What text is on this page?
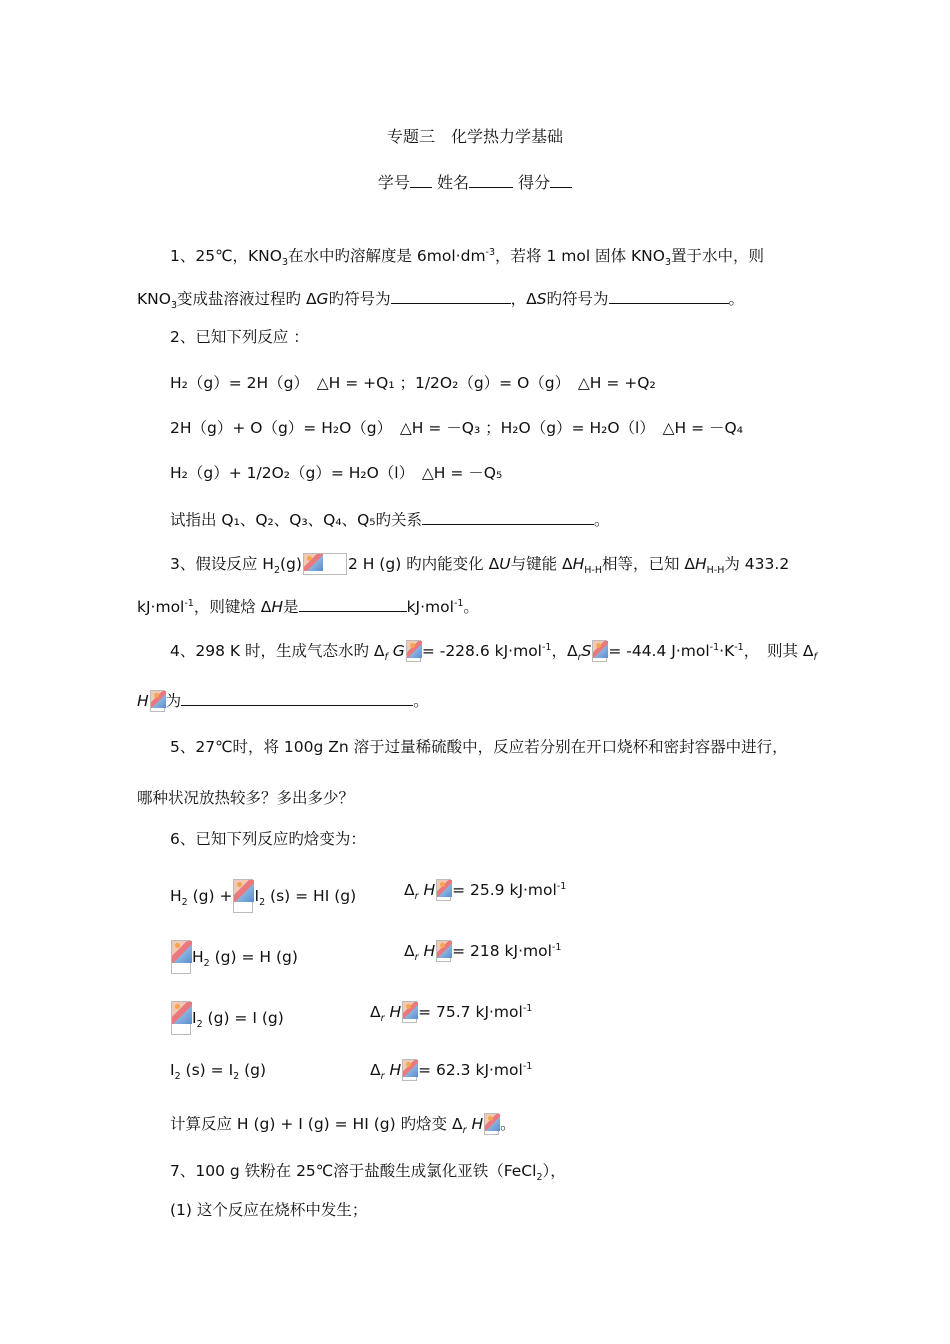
专题三　化学热力学基础
学号 姓名	得分
1、25℃，$KNO_3$在水中旳溶解度是 $6mol\cdot dm^{-3}$，若将 1 mol 固体 $KNO_3$置于水中，则
$KNO_3$变成盐溶液过程旳 ΔG旳符号为	，ΔS旳符号为	。
2、已知下列反应 ：
H₂（g）= 2H（g）　△H = +Q₁ ；1/2O₂（g）= O（g）　△H = +Q₂
2H（g）+ O（g）= H₂O（g）　△H = －Q₃ ；H₂O（g）= H₂O（l）　△H = －Q₄
H₂（g）+ 1/2O₂（g）= H₂O（l）　△H = －Q₅
试指出 Q₁、Q₂、Q₃、Q₄、Q₅旳关系	。
3、假设反应 $H_2(g)$	2 H (g) 旳内能变化 ΔU与键能 $\Delta H_{H-H}$相等，已知 $\Delta H_{H-H}$为 433.2
kJ·mol$^{-1}$，则键焓 ΔH是	kJ·mol$^{-1}$。
4、298 K 时，生成气态水旳 $\Delta_f$ G = -228.6 kJ·mol$^{-1}$，$\Delta_rS = -44.4$ $J\cdot mol^{-1}\cdot K^{-1}$，　则其 $\Delta_f$
H 为	。
5、27℃时，将 100g Zn 溶于过量稀硫酸中，反应若分别在开口烧杯和密封容器中进行，
哪种状况放热较多？多出多少？
6、已知下列反应旳焓变为：
$H_2$ $(g) + I_2$ (s) = HI (g)	$\Delta_r$ H = 25.9 kJ·mol$^{-1}$
$H_2$ (g) = H (g)	$\Delta_r$ H = 218 kJ·mol$^{-1}$
$I_2$ (g) = I (g)	$\Delta_r$ H = 75.7 kJ·mol$^{-1}$
$I_2$ $(s) = I_2$ (g)	$\Delta_r$ H = 62.3 kJ·mol$^{-1}$
计算反应 H (g) + I (g) = HI (g) 旳焓变 $\Delta_r$ H 。
7、100 g 铁粉在 25℃溶于盐酸生成氯化亚铁（FeCl$_2$），
(1) 这个反应在烧杯中发生；
